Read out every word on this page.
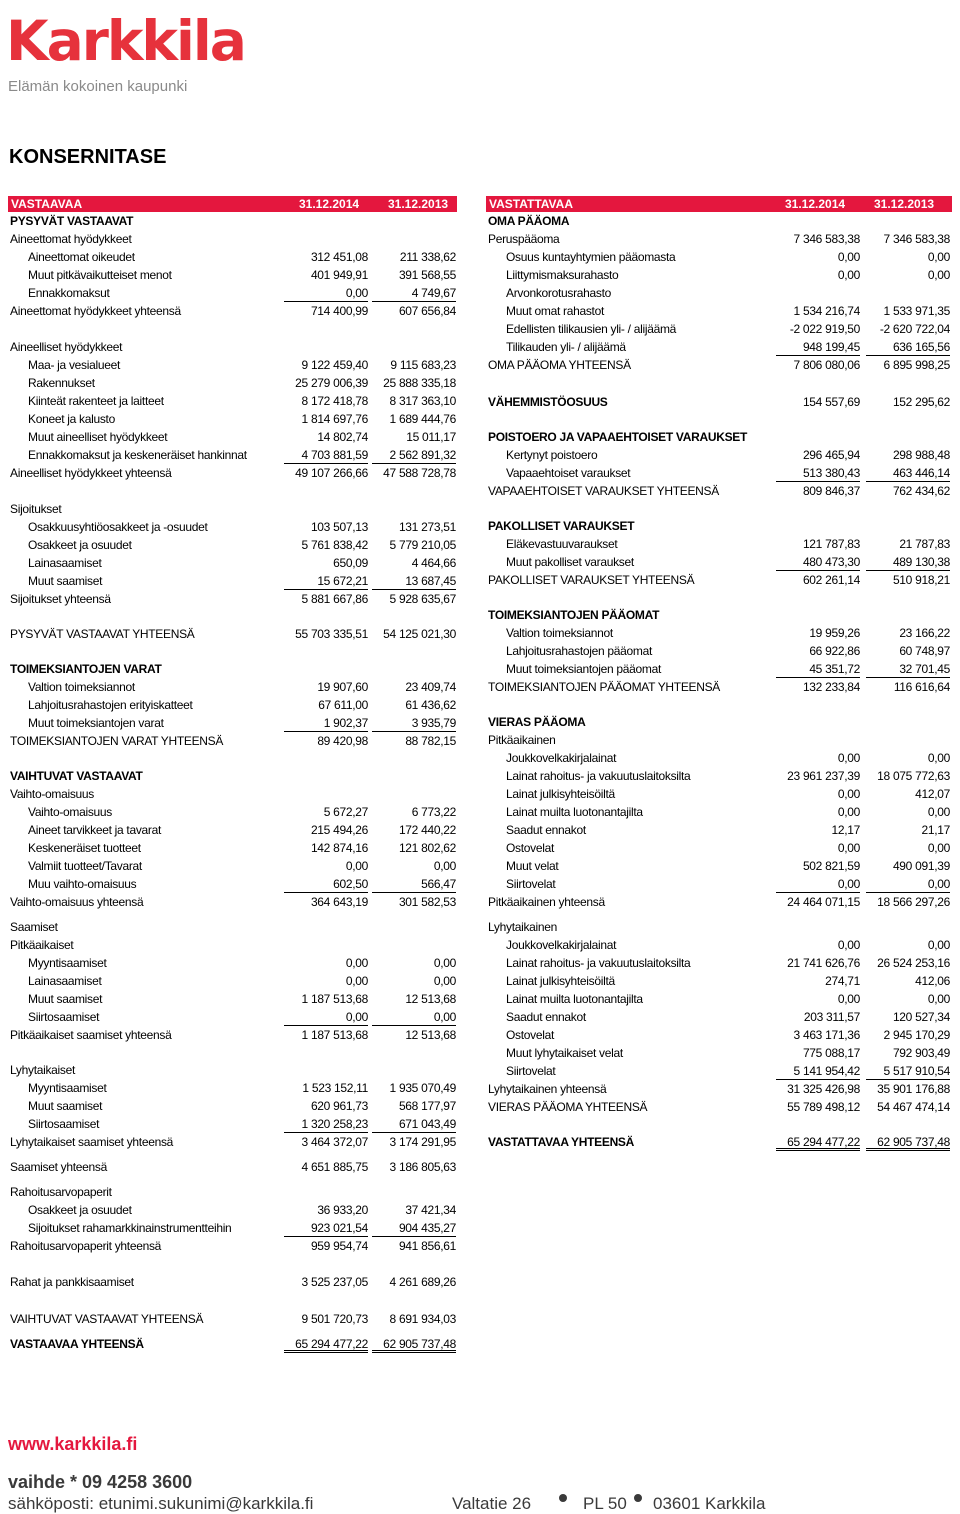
Karkkila
Elämän kokoinen kaupunki
KONSERNITASE
VASTAAVAA	31.12.2014 31.12.2013	VASTATTAVAA	31.12.2014 31.12.2013
PYSYVÄT VASTAAVAT
Aineettomat hyödykkeet
Aineettomat oikeudet	312 451,08	211 338,62
Muut pitkävaikutteiset menot	401 949,91	391 568,55
Ennakkomaksut	0,00	4 749,67
Aineettomat hyödykkeet yhteensä	714 400,99	607 656,84
Aineelliset hyödykkeet
Maa- ja vesialueet	9 122 459,40	9 115 683,23
Rakennukset	25 279 006,39	25 888 335,18
Kiinteät rakenteet ja laitteet	8 172 418,78	8 317 363,10
Koneet ja kalusto	1 814 697,76	1 689 444,76
Muut aineelliset hyödykkeet	14 802,74	15 011,17
Ennakkomaksut ja keskeneräiset hankinnat	4 703 881,59	2 562 891,32
Aineelliset hyödykkeet yhteensä	49 107 266,66	47 588 728,78
Sijoitukset
Osakkuusyhtiöosakkeet ja -osuudet	103 507,13	131 273,51
Osakkeet ja osuudet	5 761 838,42	5 779 210,05
Lainasaamiset	650,09	4 464,66
Muut saamiset	15 672,21	13 687,45
Sijoitukset yhteensä	5 881 667,86	5 928 635,67
PYSYVÄT VASTAAVAT YHTEENSÄ	55 703 335,51	54 125 021,30
TOIMEKSIANTOJEN VARAT
Valtion toimeksiannot	19 907,60	23 409,74
Lahjoitusrahastojen erityiskatteet	67 611,00	61 436,62
Muut toimeksiantojen varat	1 902,37	3 935,79
TOIMEKSIANTOJEN VARAT YHTEENSÄ	89 420,98	88 782,15
VAIHTUVAT VASTAAVAT
Vaihto-omaisuus
Vaihto-omaisuus	5 672,27	6 773,22
Aineet tarvikkeet ja tavarat	215 494,26	172 440,22
Keskeneräiset tuotteet	142 874,16	121 802,62
Valmiit tuotteet/Tavarat	0,00	0,00
Muu vaihto-omaisuus	602,50	566,47
Vaihto-omaisuus yhteensä	364 643,19	301 582,53
Saamiset
Pitkäaikaiset
Myyntisaamiset	0,00	0,00
Lainasaamiset	0,00	0,00
Muut saamiset	1 187 513,68	12 513,68
Siirtosaamiset	0,00	0,00
Pitkäaikaiset saamiset yhteensä	1 187 513,68	12 513,68
Lyhytaikaiset
Myyntisaamiset	1 523 152,11	1 935 070,49
Muut saamiset	620 961,73	568 177,97
Siirtosaamiset	1 320 258,23	671 043,49
Lyhytaikaiset saamiset yhteensä	3 464 372,07	3 174 291,95
Saamiset yhteensä	4 651 885,75	3 186 805,63
Rahoitusarvopaperit
Osakkeet ja osuudet	36 933,20	37 421,34
Sijoitukset rahamarkkinainstrumentteihin	923 021,54	904 435,27
Rahoitusarvopaperit yhteensä	959 954,74	941 856,61
Rahat ja pankkisaamiset	3 525 237,05	4 261 689,26
VAIHTUVAT VASTAAVAT YHTEENSÄ	9 501 720,73	8 691 934,03
VASTAAVAA YHTEENSÄ	65 294 477,22	62 905 737,48
OMA PÄÄOMA
Peruspääoma	7 346 583,38	7 346 583,38
Osuus kuntayhtymien pääomasta	0,00	0,00
Liittymismaksurahasto	0,00	0,00
Arvonkorotusrahasto
Muut omat rahastot	1 534 216,74	1 533 971,35
Edellisten tilikausien yli- / alijäämä	-2 022 919,50	-2 620 722,04
Tilikauden yli- / alijäämä	948 199,45	636 165,56
OMA PÄÄOMA YHTEENSÄ	7 806 080,06	6 895 998,25
VÄHEMMISTÖOSUUS	154 557,69	152 295,62
POISTOERO JA VAPAAEHTOISET VARAUKSET
Kertynyt poistoero	296 465,94	298 988,48
Vapaaehtoiset varaukset	513 380,43	463 446,14
VAPAAEHTOISET VARAUKSET YHTEENSÄ	809 846,37	762 434,62
PAKOLLISET VARAUKSET
Eläkevastuuvaraukset	121 787,83	21 787,83
Muut pakolliset varaukset	480 473,30	489 130,38
PAKOLLISET VARAUKSET YHTEENSÄ	602 261,14	510 918,21
TOIMEKSIANTOJEN PÄÄOMAT
Valtion toimeksiannot	19 959,26	23 166,22
Lahjoitusrahastojen pääomat	66 922,86	60 748,97
Muut toimeksiantojen pääomat	45 351,72	32 701,45
TOIMEKSIANTOJEN PÄÄOMAT YHTEENSÄ	132 233,84	116 616,64
VIERAS PÄÄOMA
Pitkäaikainen
Joukkovelkakirjalainat	0,00	0,00
Lainat rahoitus- ja vakuutuslaitoksilta	23 961 237,39	18 075 772,63
Lainat julkisyhteisöiltä	0,00	412,07
Lainat muilta luotonantajilta	0,00	0,00
Saadut ennakot	12,17	21,17
Ostovelat	0,00	0,00
Muut velat	502 821,59	490 091,39
Siirtovelat	0,00	0,00
Pitkäaikainen yhteensä	24 464 071,15	18 566 297,26
Lyhytaikainen
Joukkovelkakirjalainat	0,00	0,00
Lainat rahoitus- ja vakuutuslaitoksilta	21 741 626,76	26 524 253,16
Lainat julkisyhteisöiltä	274,71	412,06
Lainat muilta luotonantajilta	0,00	0,00
Saadut ennakot	203 311,57	120 527,34
Ostovelat	3 463 171,36	2 945 170,29
Muut lyhytaikaiset velat	775 088,17	792 903,49
Siirtovelat	5 141 954,42	5 517 910,54
Lyhytaikainen yhteensä	31 325 426,98	35 901 176,88
VIERAS PÄÄOMA YHTEENSÄ	55 789 498,12	54 467 474,14
VASTATTAVAA YHTEENSÄ	65 294 477,22	62 905 737,48
www.karkkila.fi
vaihde * 09 4258 3600
sähköposti: etunimi.sukunimi@karkkila.fi	Valtatie 26	PL 50 03601 Karkkila
